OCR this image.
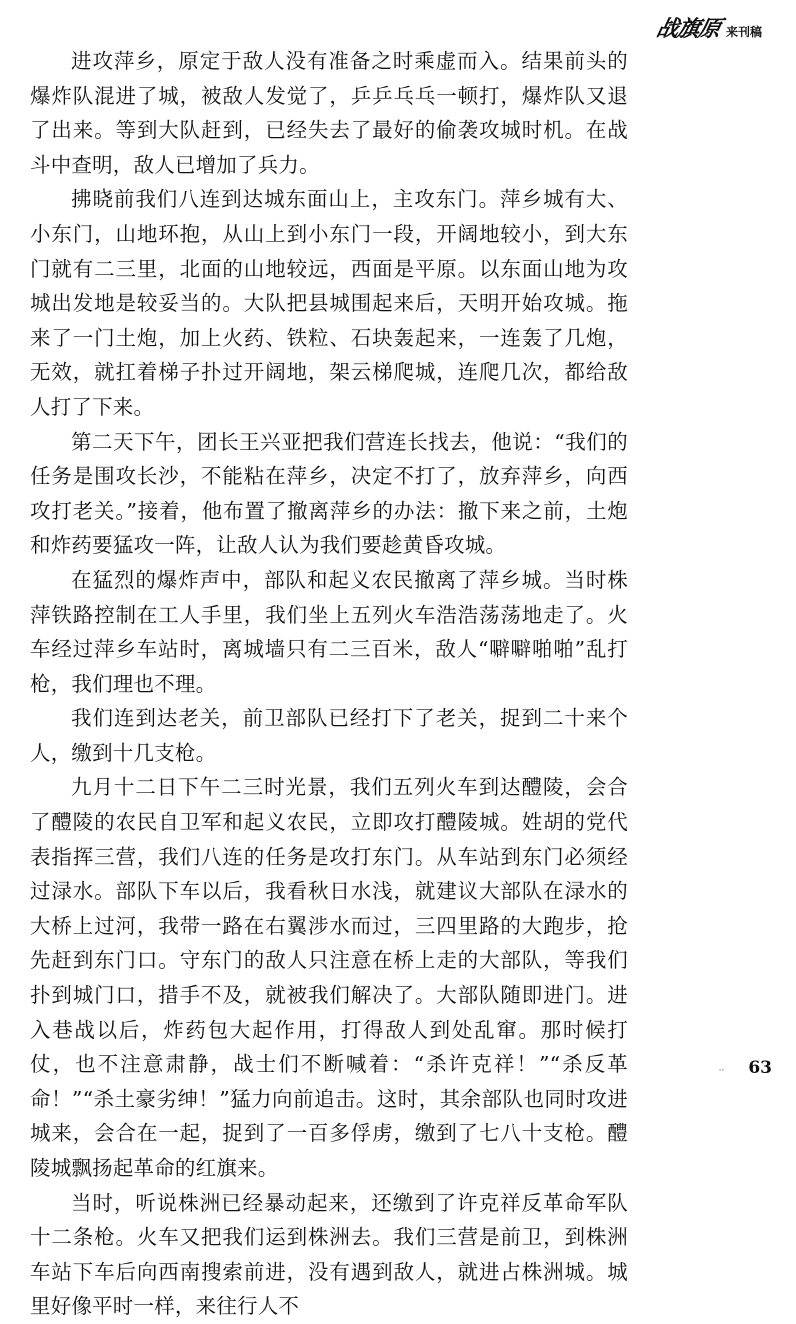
战旗原 来刊稿

进攻萍乡，原定于敌人没有准备之时乘虚而入。结果前头的爆炸队混进了城，被敌人发觉了，乒乒乓乓一顿打，爆炸队又退了出来。等到大队赶到，已经失去了最好的偷袭攻城时机。在战斗中查明，敌人已增加了兵力。

拂晓前我们八连到达城东面山上，主攻东门。萍乡城有大、小东门，山地环抱，从山上到小东门一段，开阔地较小，到大东门就有二三里，北面的山地较远，西面是平原。以东面山地为攻城出发地是较妥当的。大队把县城围起来后，天明开始攻城。拖来了一门土炮，加上火药、铁粒、石块轰起来，一连轰了几炮，无效，就扛着梯子扑过开阔地，架云梯爬城，连爬几次，都给敌人打了下来。

第二天下午，团长王兴亚把我们营连长找去，他说：“我们的任务是围攻长沙，不能粘在萍乡，决定不打了，放弃萍乡，向西攻打老关。”接着，他布置了撤离萍乡的办法：撤下来之前，土炮和炸药要猛攻一阵，让敌人认为我们要趁黄昏攻城。

在猛烈的爆炸声中，部队和起义农民撤离了萍乡城。当时株萍铁路控制在工人手里，我们坐上五列火车浩浩荡荡地走了。火车经过萍乡车站时，离城墙只有二三百米，敌人“噼噼啪啪”乱打枪，我们理也不理。

我们连到达老关，前卫部队已经打下了老关，捉到二十来个人，缴到十几支枪。

九月十二日下午二三时光景，我们五列火车到达醴陵，会合了醴陵的农民自卫军和起义农民，立即攻打醴陵城。姓胡的党代表指挥三营，我们八连的任务是攻打东门。从车站到东门必须经过渌水。部队下车以后，我看秋日水浅，就建议大部队在渌水的大桥上过河，我带一路在右翼涉水而过，三四里路的大跑步，抢先赶到东门口。守东门的敌人只注意在桥上走的大部队，等我们扑到城门口，措手不及，就被我们解决了。大部队随即进门。进入巷战以后，炸药包大起作用，打得敌人到处乱窜。那时候打仗，也不注意肃静，战士们不断喊着：“杀许克祥！”“杀反革命！”“杀土豪劣绅！”猛力向前追击。这时，其余部队也同时攻进城来，会合在一起，捉到了一百多俘虏，缴到了七八十支枪。醴陵城飘扬起革命的红旗来。

当时，听说株洲已经暴动起来，还缴到了许克祥反革命军队十二条枪。火车又把我们运到株洲去。我们三营是前卫，到株洲车站下车后向西南搜索前进，没有遇到敌人，就进占株洲城。城里好像平时一样，来往行人不

·· 63
